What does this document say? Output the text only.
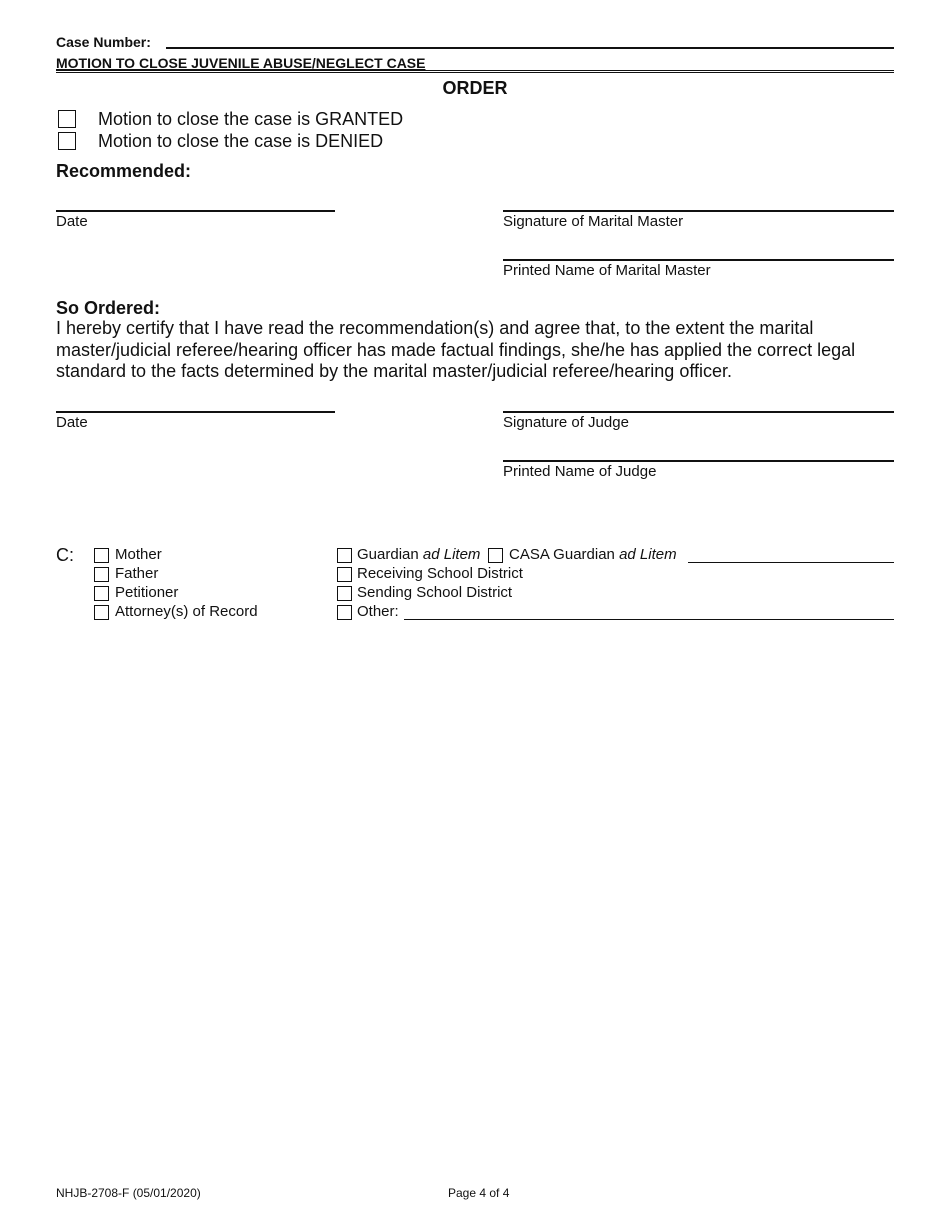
Case Number:
MOTION TO CLOSE JUVENILE ABUSE/NEGLECT CASE
ORDER
Motion to close the case is GRANTED
Motion to close the case is DENIED
Recommended:
Date	Signature of Marital Master
Printed Name of Marital Master
So Ordered:
I hereby certify that I have read the recommendation(s) and agree that, to the extent the marital master/judicial referee/hearing officer has made factual findings, she/he has applied the correct legal standard to the facts determined by the marital master/judicial referee/hearing officer.
Date	Signature of Judge
Printed Name of Judge
C:	Mother
Father
Petitioner
Attorney(s) of Record
Guardian ad Litem CASA Guardian ad Litem
Receiving School District
Sending School District
Other:
NHJB-2708-F (05/01/2020)	Page 4 of 4
